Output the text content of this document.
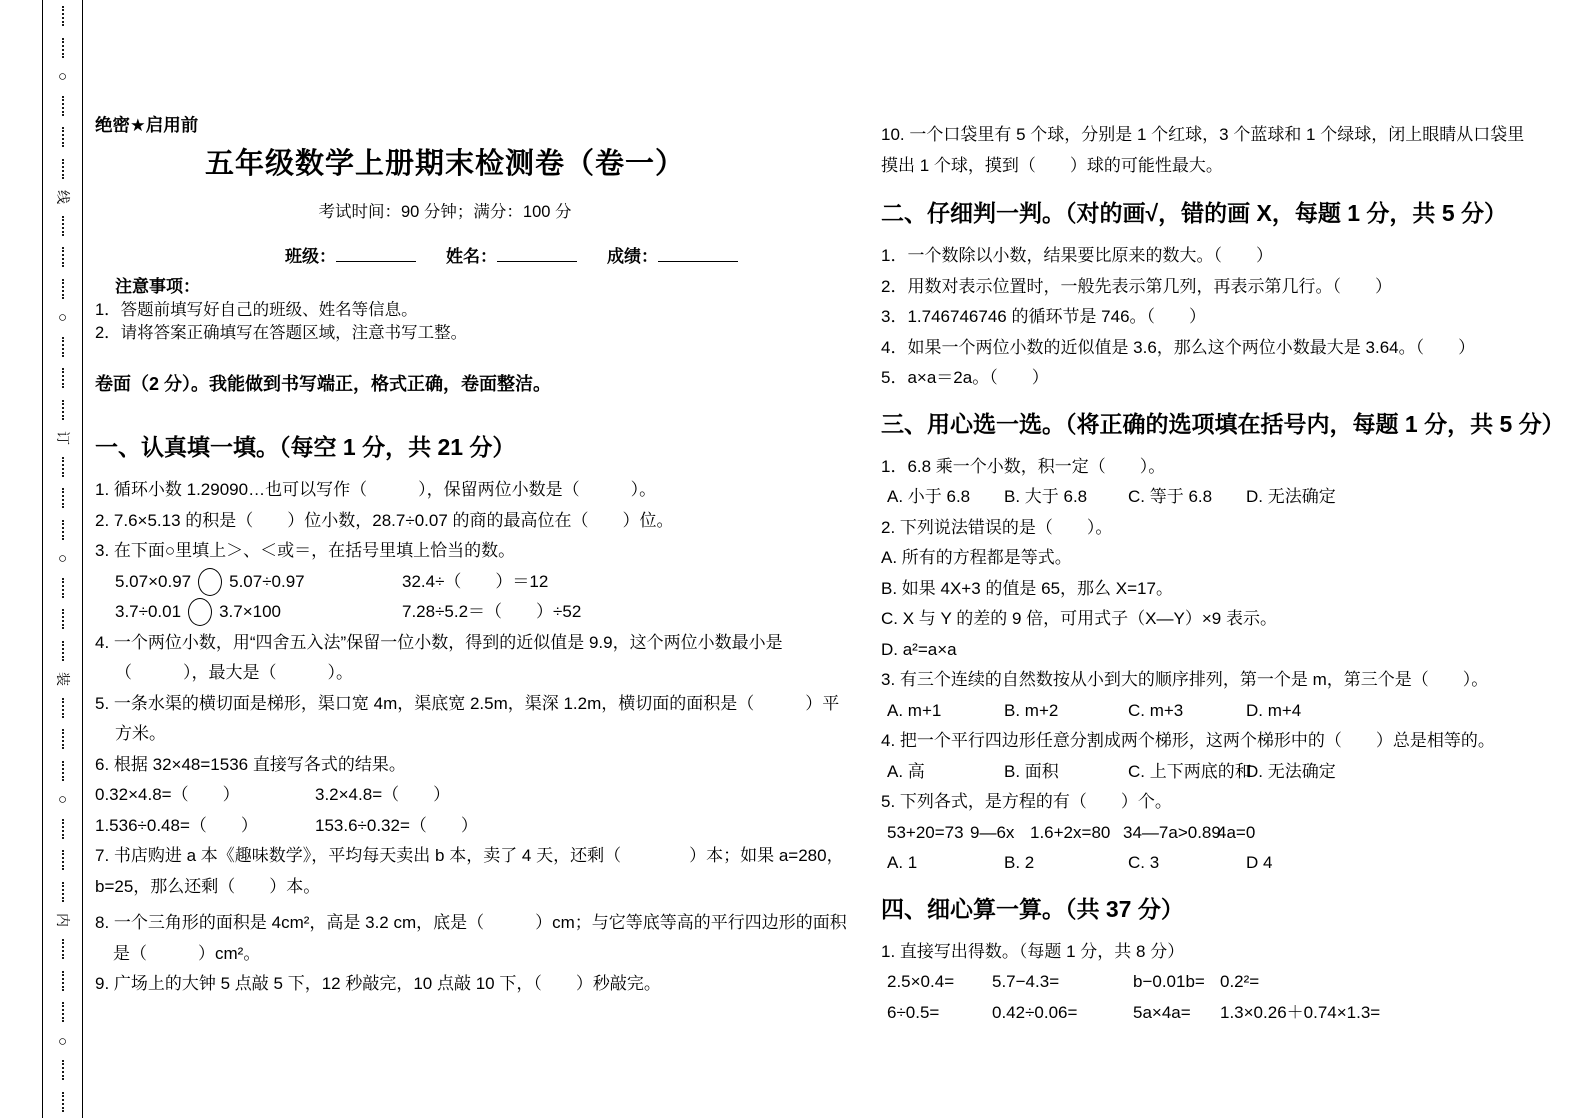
○
线
○
订
○
装
○
内
○
绝密★启用前
五年级数学上册期末检测卷（卷一）
考试时间：90 分钟；满分：100 分
班级：	姓名：	成绩：
注意事项：
1．答题前填写好自己的班级、姓名等信息。
2．请将答案正确填写在答题区域，注意书写工整。
卷面（2 分）。我能做到书写端正，格式正确，卷面整洁。
一、认真填一填。（每空 1 分，共 21 分）
1. 循环小数 1.29090…也可以写作（　　　），保留两位小数是（　　　）。
2. 7.6×5.13 的积是（　　）位小数，28.7÷0.07 的商的最高位在（　　）位。
3. 在下面○里填上＞、＜或＝，在括号里填上恰当的数。
5.07×0.97 5.07÷0.97	32.4÷（　　）＝12
3.7÷0.01 3.7×100	7.28÷5.2＝（　　）÷52
4. 一个两位小数，用“四舍五入法”保留一位小数，得到的近似值是 9.9，这个两位小数最小是
（　　　），最大是（　　　）。
5. 一条水渠的横切面是梯形，渠口宽 4m，渠底宽 2.5m，渠深 1.2m，横切面的面积是（　　　）平
方米。
6. 根据 32×48=1536 直接写各式的结果。
0.32×4.8=（　　）	3.2×4.8=（　　）
1.536÷0.48=（　　）	153.6÷0.32=（　　）
7. 书店购进 a 本《趣味数学》，平均每天卖出 b 本，卖了 4 天，还剩（　　　　）本；如果 a=280，
b=25，那么还剩（　　）本。
8. 一个三角形的面积是 4cm²，高是 3.2 cm，底是（　　　）cm；与它等底等高的平行四边形的面积
是（　　　）cm²。
9. 广场上的大钟 5 点敲 5 下，12 秒敲完，10 点敲 10 下，（　　）秒敲完。
10. 一个口袋里有 5 个球，分别是 1 个红球，3 个蓝球和 1 个绿球，闭上眼睛从口袋里
摸出 1 个球，摸到（　　）球的可能性最大。
二、仔细判一判。（对的画√，错的画 X，每题 1 分，共 5 分）
1．一个数除以小数，结果要比原来的数大。（　　）
2．用数对表示位置时，一般先表示第几列，再表示第几行。（　　）
3．1.746746746 的循环节是 746。（　　）
4．如果一个两位小数的近似值是 3.6，那么这个两位小数最大是 3.64。（　　）
5．a×a＝2a。（　　）
三、用心选一选。（将正确的选项填在括号内，每题 1 分，共 5 分）
1．6.8 乘一个小数，积一定（　　）。
A. 小于 6.8	B. 大于 6.8	C. 等于 6.8	D. 无法确定
2. 下列说法错误的是（　　）。
A. 所有的方程都是等式。
B. 如果 4X+3 的值是 65，那么 X=17。
C. X 与 Y 的差的 9 倍，可用式子（X—Y）×9 表示。
D. a²=a×a
3. 有三个连续的自然数按从小到大的顺序排列，第一个是 m，第三个是（　　）。
A. m+1	B. m+2	C. m+3	D. m+4
4. 把一个平行四边形任意分割成两个梯形，这两个梯形中的（　　）总是相等的。
A. 高	B. 面积	C. 上下两底的和
D. 无法确定
5. 下列各式，是方程的有（　　）个。
53+20=73 9—6x 1.6+2x=80 34—7a>0.89
4a=0
A. 1	B. 2	C. 3	D 4
四、细心算一算。（共 37 分）
1. 直接写出得数。（每题 1 分，共 8 分）
2.5×0.4=	5.7−4.3=	b−0.01b= 0.2²=
6÷0.5=	0.42÷0.06=	5a×4a=	1.3×0.26＋0.74×1.3=
